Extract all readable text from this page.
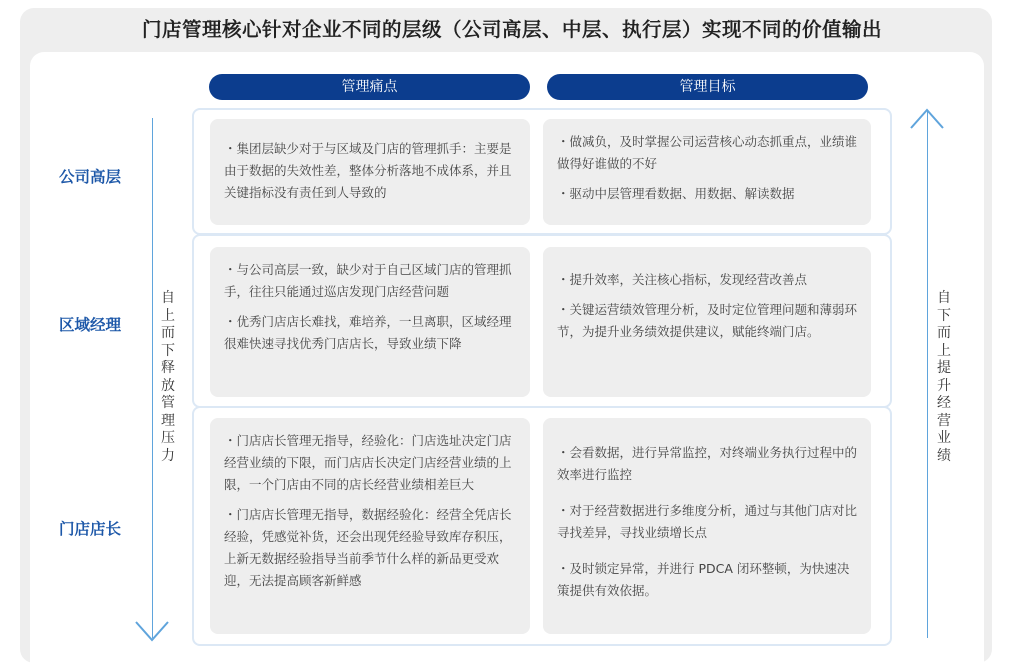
门店管理核心针对企业不同的层级（公司高层、中层、执行层）实现不同的价值输出
管理痛点	管理目标
自上而下释放管理压力
自下而上提升经营业绩
公司高层
区域经理
门店店长

・集团层缺少对于与区域及门店的管理抓手：主要是由于数据的失效性差，整体分析落地不成体系，并且关键指标没有责任到人导致的

・做减负，及时掌握公司运营核心动态抓重点，业绩谁做得好谁做的不好

・驱动中层管理看数据、用数据、解读数据

・与公司高层一致，缺少对于自己区域门店的管理抓手，往往只能通过巡店发现门店经营问题

・优秀门店店长难找，难培养，一旦离职，区域经理很难快速寻找优秀门店店长，导致业绩下降

・提升效率，关注核心指标，发现经营改善点

・关键运营绩效管理分析，及时定位管理问题和薄弱环节，为提升业务绩效提供建议，赋能终端门店。

・门店店长管理无指导，经验化：门店选址决定门店经营业绩的下限，而门店店长决定门店经营业绩的上限，一个门店由不同的店长经营业绩相差巨大

・门店店长管理无指导，数据经验化：经营全凭店长经验，凭感觉补货，还会出现凭经验导致库存积压，上新无数据经验指导当前季节什么样的新品更受欢迎，无法提高顾客新鲜感

・会看数据，进行异常监控，对终端业务执行过程中的效率进行监控

・对于经营数据进行多维度分析，通过与其他门店对比寻找差异，寻找业绩增长点

・及时锁定异常，并进行 PDCA 闭环整顿，为快速决策提供有效依据。
